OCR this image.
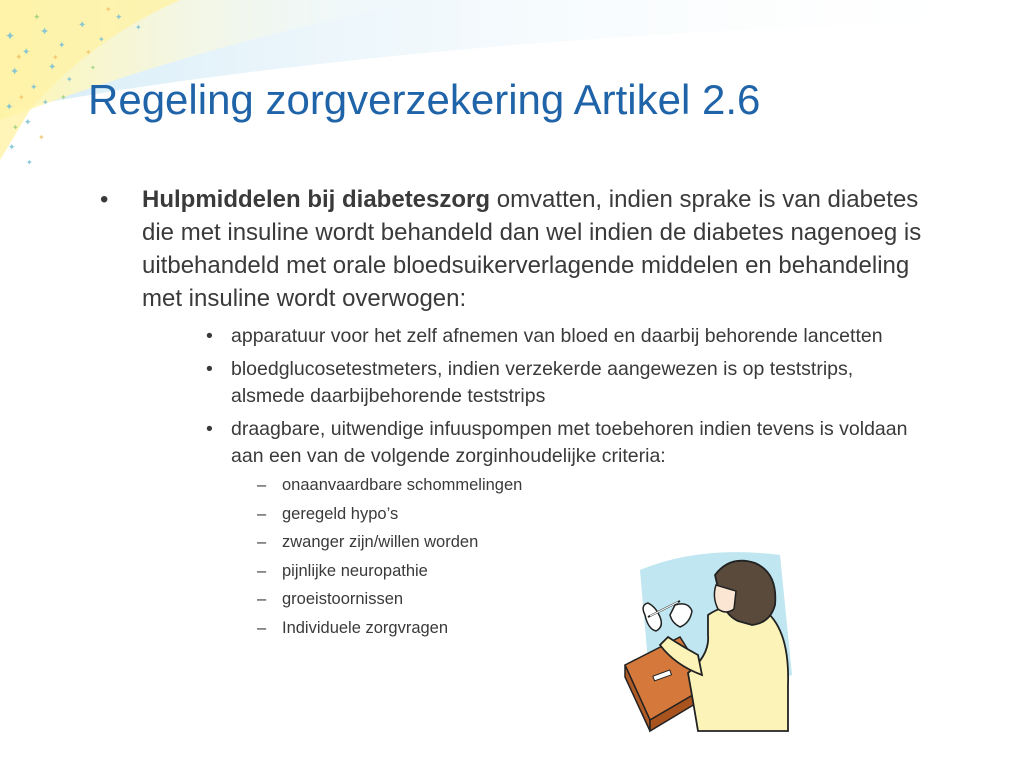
✦
✦
✦
✦
✦
✦
✦
✦
✦
✦
✦
✦
✦
✦
✦
✦
✦
✦	✦
✦
✦
✦
✦
✦
✦
✦
✦
Regeling zorgverzekering Artikel 2.6
• Hulpmiddelen bij diabeteszorg omvatten, indien sprake is van diabetes die met insuline wordt behandeld dan wel indien de diabetes nagenoeg is uitbehandeld met orale bloedsuikerverlagende middelen en behandeling met insuline wordt overwogen:
• apparatuur voor het zelf afnemen van bloed en daarbij behorende lancetten
• bloedglucosetestmeters, indien verzekerde aangewezen is op teststrips, alsmede daarbijbehorende teststrips
• draagbare, uitwendige infuuspompen met toebehoren indien tevens is voldaan aan een van de volgende zorginhoudelijke criteria:
– onaanvaardbare schommelingen
– geregeld hypo’s
– zwanger zijn/willen worden
– pijnlijke neuropathie
– groeistoornissen
– Individuele zorgvragen
